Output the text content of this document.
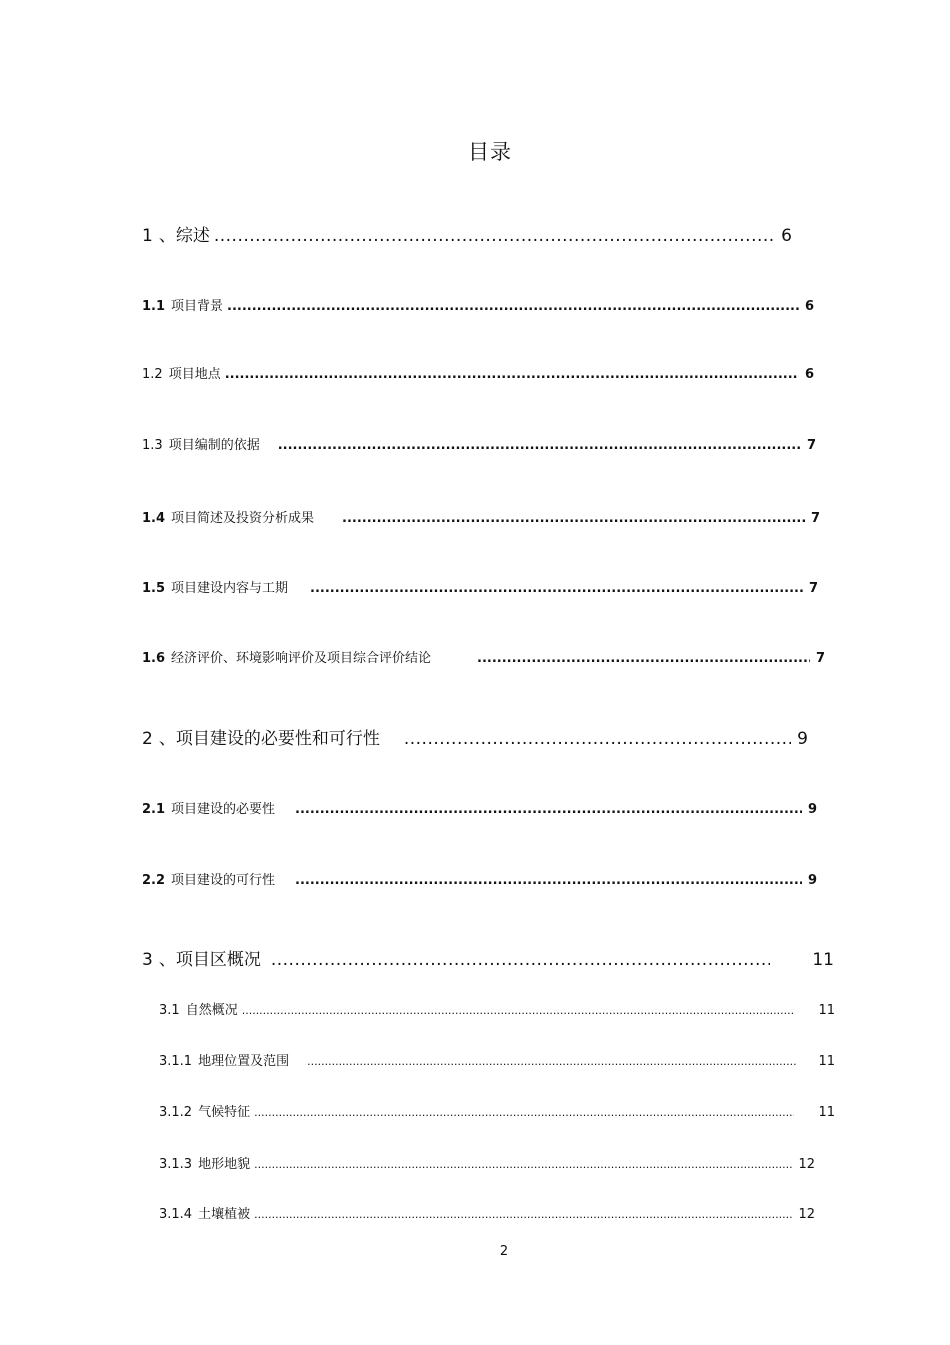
目录
1 、 综述 .....	6
1.1 项目背景 .....	6
1.2 项目地点 .....	6
1.3 项目编制的依据 .....	7
1.4 项目简述及投资分析成果 .....	7
1.5 项目建设内容与工期 .....	7
1.6 经济评价、环境影响评价及项目综合评价结论 .....	7
2 、 项目建设的必要性和可行性 .....	9
2.1 项目建设的必要性 .....	9
2.2 项目建设的可行性 .....	9
3 、 项目区概况 .....	11
3.1 自然概况 .....	11
3.1.1 地理位置及范围 .....	11
3.1.2 气候特征 .....	11
3.1.3 地形地貌 .....	12
3.1.4 土壤植被 .....	12
2
